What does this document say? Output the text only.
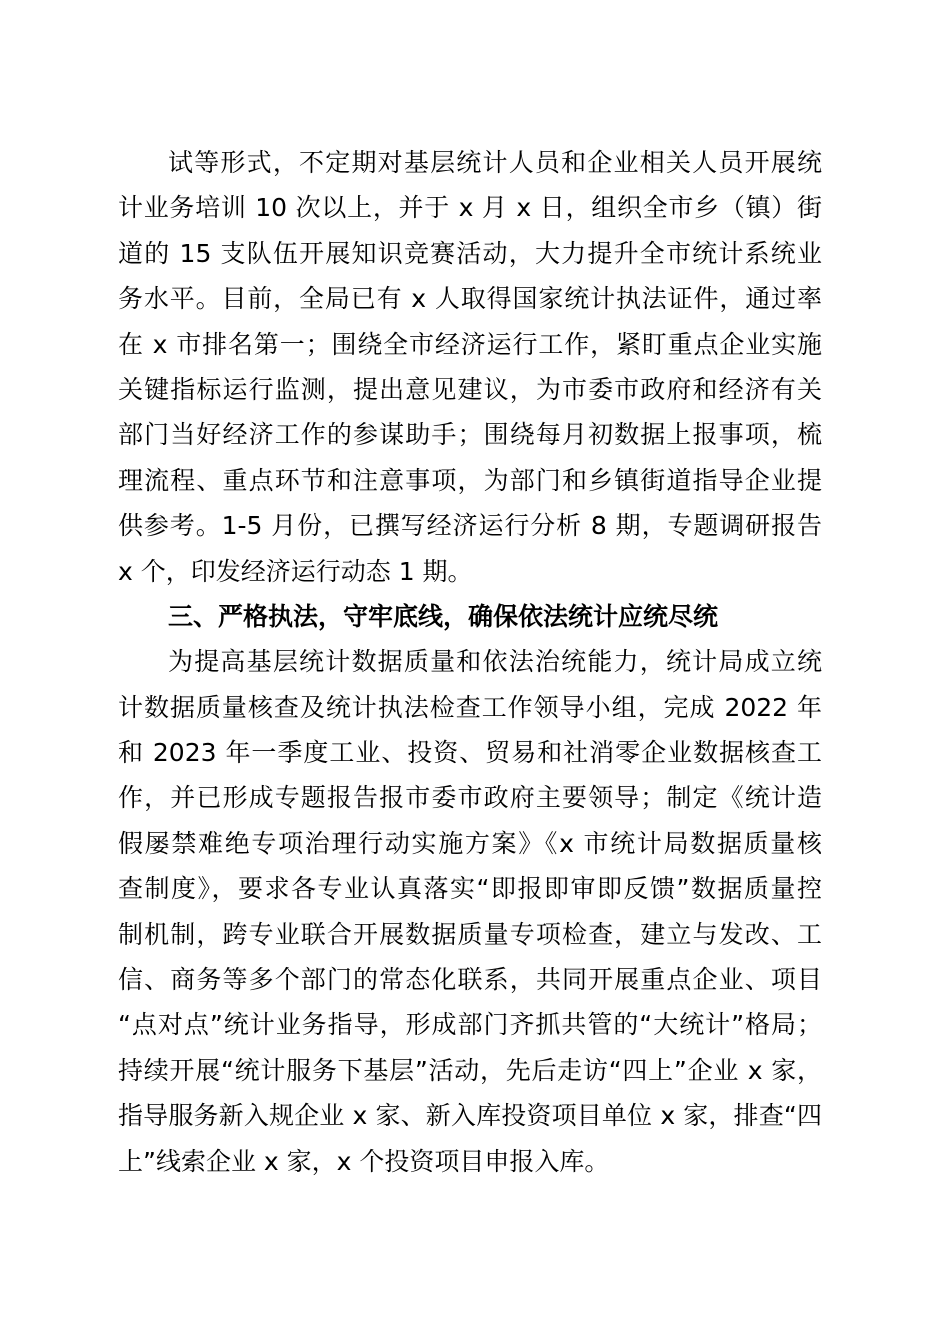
试等形式，不定期对基层统计人员和企业相关人员开展统
计业务培训 10 次以上，并于 x 月 x 日，组织全市乡（镇）街
道的 15 支队伍开展知识竞赛活动，大力提升全市统计系统业
务水平。目前，全局已有 x 人取得国家统计执法证件，通过率
在 x 市排名第一；围绕全市经济运行工作，紧盯重点企业实施
关键指标运行监测，提出意见建议，为市委市政府和经济有关
部门当好经济工作的参谋助手；围绕每月初数据上报事项，梳
理流程、重点环节和注意事项，为部门和乡镇街道指导企业提
供参考。1-5 月份，已撰写经济运行分析 8 期，专题调研报告
x 个，印发经济运行动态 1 期。
三、严格执法，守牢底线，确保依法统计应统尽统
为提高基层统计数据质量和依法治统能力，统计局成立统
计数据质量核查及统计执法检查工作领导小组，完成 2022 年
和 2023 年一季度工业、投资、贸易和社消零企业数据核查工
作，并已形成专题报告报市委市政府主要领导；制定《统计造
假屡禁难绝专项治理行动实施方案》《x 市统计局数据质量核
查制度》，要求各专业认真落实“即报即审即反馈”数据质量控
制机制，跨专业联合开展数据质量专项检查，建立与发改、工
信、商务等多个部门的常态化联系，共同开展重点企业、项目
“点对点”统计业务指导，形成部门齐抓共管的“大统计”格局；
持续开展“统计服务下基层”活动，先后走访“四上”企业 x 家，
指导服务新入规企业 x 家、新入库投资项目单位 x 家，排查“四
上”线索企业 x 家，x 个投资项目申报入库。
